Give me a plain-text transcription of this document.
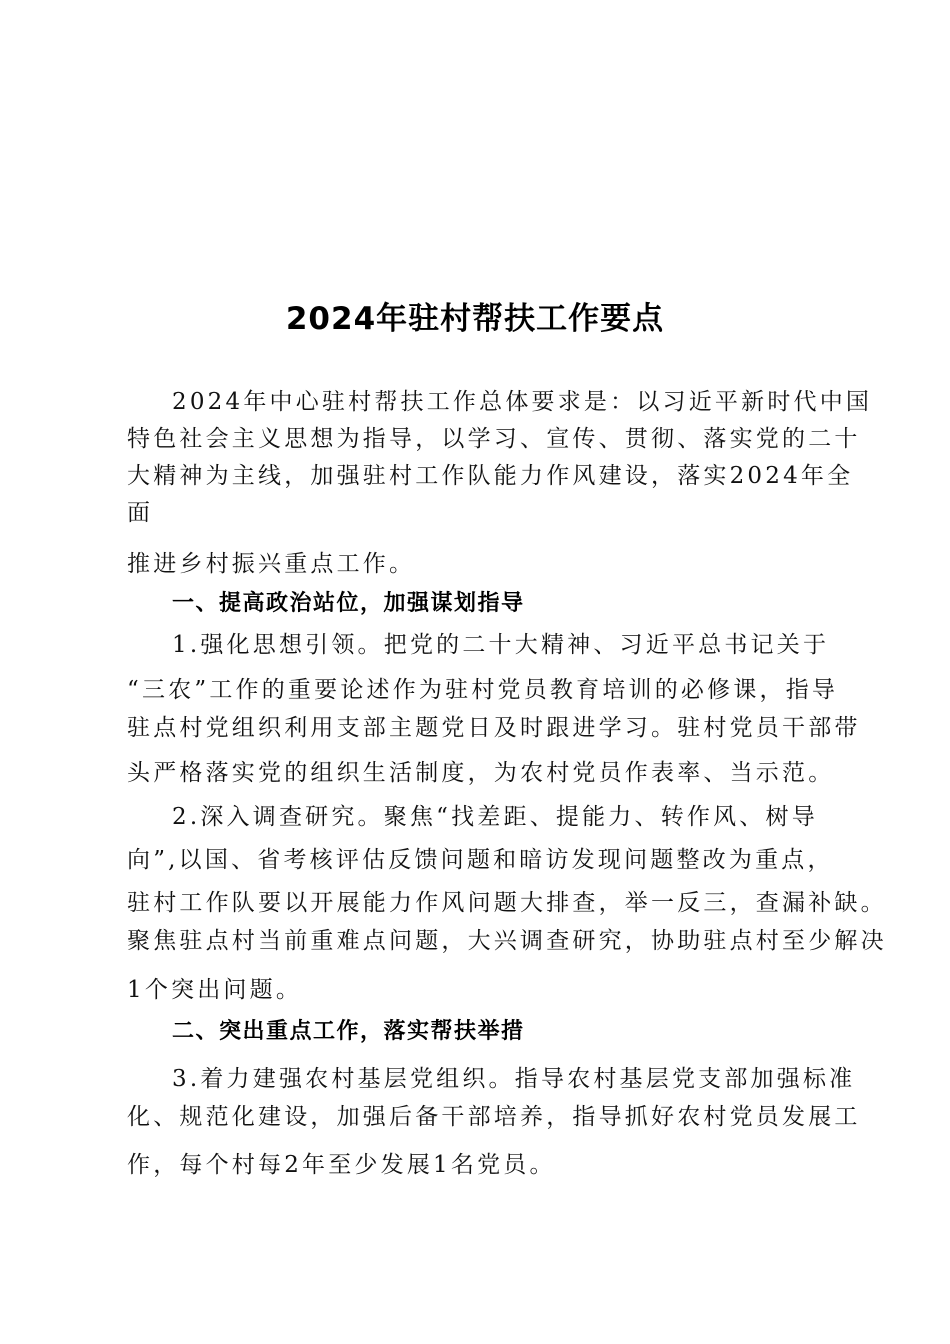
2024年驻村帮扶工作要点
2024年中心驻村帮扶工作总体要求是：以习近平新时代中国
特色社会主义思想为指导，以学习、宣传、贯彻、落实党的二十
大精神为主线，加强驻村工作队能力作风建设，落实2024年全
面
推进乡村振兴重点工作。
一、提高政治站位，加强谋划指导
1.强化思想引领。把党的二十大精神、习近平总书记关于
“三农”工作的重要论述作为驻村党员教育培训的必修课，指导
驻点村党组织利用支部主题党日及时跟进学习。驻村党员干部带
头严格落实党的组织生活制度，为农村党员作表率、当示范。
2.深入调查研究。聚焦“找差距、提能力、转作风、树导
向”,以国、省考核评估反馈问题和暗访发现问题整改为重点，
驻村工作队要以开展能力作风问题大排查，举一反三，查漏补缺。
聚焦驻点村当前重难点问题，大兴调查研究，协助驻点村至少解决
1个突出问题。
二、突出重点工作，落实帮扶举措
3.着力建强农村基层党组织。指导农村基层党支部加强标准
化、规范化建设，加强后备干部培养，指导抓好农村党员发展工
作，每个村每2年至少发展1名党员。
